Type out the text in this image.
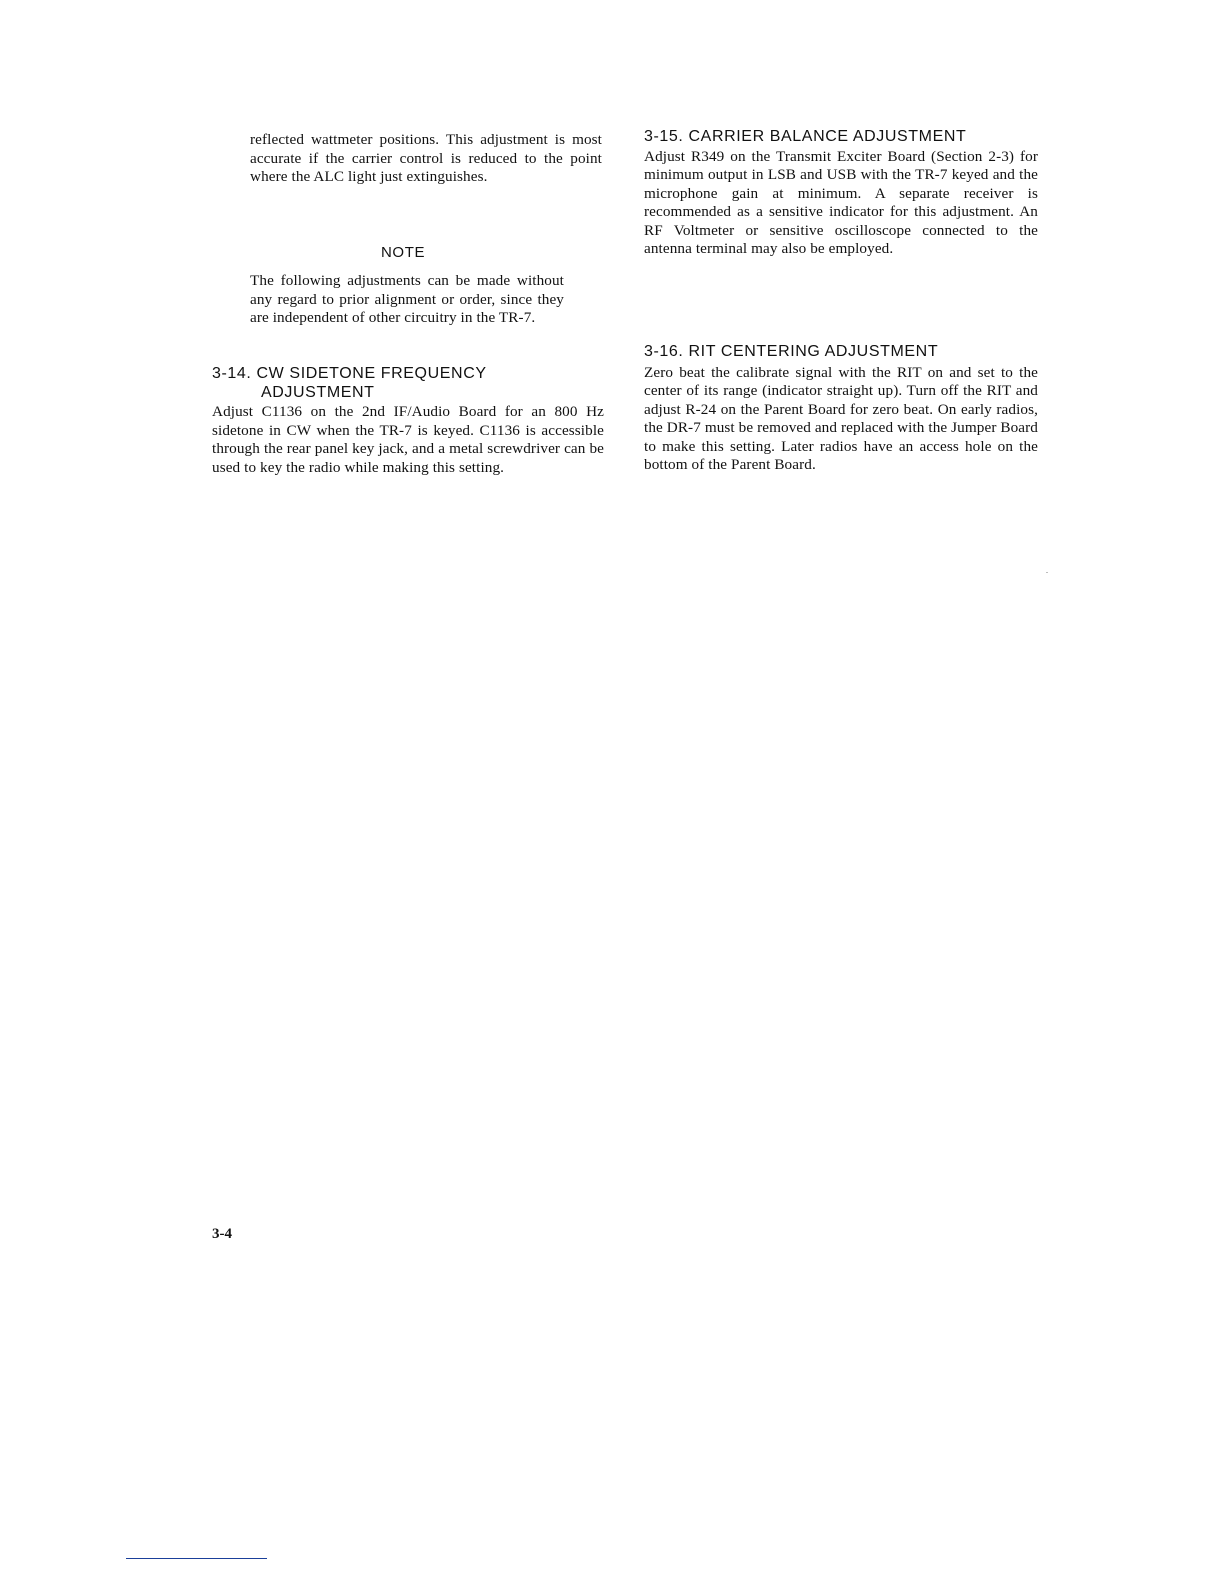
reflected wattmeter positions. This adjustment is most accurate if the carrier control is reduced to the point where the ALC light just extinguishes.

NOTE

The following adjustments can be made without any regard to prior alignment or order, since they are independent of other circuitry in the TR-7.

3-14. CW SIDETONE FREQUENCY
ADJUSTMENT

Adjust C1136 on the 2nd IF/Audio Board for an 800 Hz sidetone in CW when the TR-7 is keyed. C1136 is accessible through the rear panel key jack, and a metal screwdriver can be used to key the radio while making this setting.

3-15. CARRIER BALANCE ADJUSTMENT

Adjust R349 on the Transmit Exciter Board (Section 2-3) for minimum output in LSB and USB with the TR-7 keyed and the microphone gain at minimum. A separate receiver is recommended as a sensitive indicator for this adjustment. An RF Voltmeter or sensitive oscilloscope connected to the antenna terminal may also be employed.

3-16. RIT CENTERING ADJUSTMENT

Zero beat the calibrate signal with the RIT on and set to the center of its range (indicator straight up). Turn off the RIT and adjust R-24 on the Parent Board for zero beat. On early radios, the DR-7 must be removed and replaced with the Jumper Board to make this setting. Later radios have an access hole on the bottom of the Parent Board.

3-4
